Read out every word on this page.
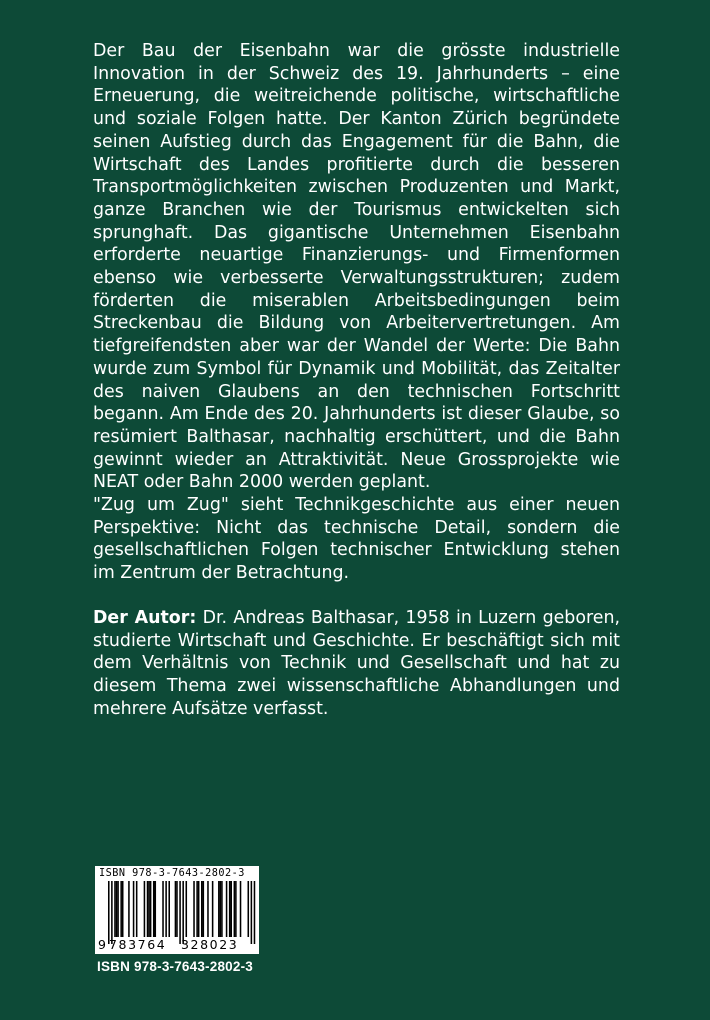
Der Bau der Eisenbahn war die grösste industrielle Innovation in der Schweiz des 19. Jahrhunderts – eine Erneuerung, die weitreichende politische, wirtschaftliche und soziale Folgen hatte. Der Kanton Zürich begründete seinen Aufstieg durch das Engagement für die Bahn, die Wirtschaft des Landes profitierte durch die besseren Transportmöglichkeiten zwischen Produzenten und Markt, ganze Branchen wie der Tourismus entwickelten sich sprunghaft. Das gigantische Unternehmen Eisenbahn erforderte neuartige Finanzierungs- und Firmenformen ebenso wie verbesserte Verwaltungsstrukturen; zudem förderten die miserablen Arbeitsbedingungen beim Streckenbau die Bildung von Arbeitervertretungen. Am tiefgreifendsten aber war der Wandel der Werte: Die Bahn wurde zum Symbol für Dynamik und Mobilität, das Zeitalter des naiven Glaubens an den technischen Fortschritt begann. Am Ende des 20. Jahrhunderts ist dieser Glaube, so resümiert Balthasar, nachhaltig erschüttert, und die Bahn gewinnt wieder an Attraktivität. Neue Grossprojekte wie NEAT oder Bahn 2000 werden geplant.

"Zug um Zug" sieht Technikgeschichte aus einer neuen Perspektive: Nicht das technische Detail, sondern die gesellschaftlichen Folgen technischer Entwicklung stehen im Zentrum der Betrachtung.

Der Autor: Dr. Andreas Balthasar, 1958 in Luzern geboren, studierte Wirtschaft und Geschichte. Er beschäftigt sich mit dem Verhältnis von Technik und Gesellschaft und hat zu diesem Thema zwei wissenschaftliche Abhandlungen und mehrere Aufsätze verfasst.

ISBN 978-3-7643-2802-3
9 783764 328023
ISBN 978-3-7643-2802-3
